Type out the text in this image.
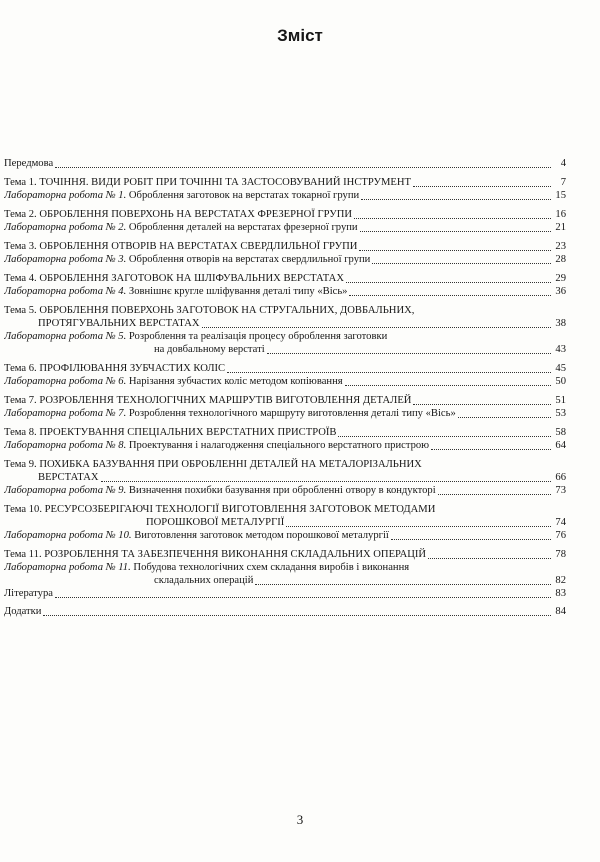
Зміст
Передмова	4
Тема 1. ТОЧІННЯ. ВИДИ РОБІТ ПРИ ТОЧІННІ ТА ЗАСТОСОВУВАНИЙ ІНСТРУМЕНТ	7
Лабораторна робота № 1. Оброблення заготовок на верстатах токарної групи	15
Тема 2. ОБРОБЛЕННЯ ПОВЕРХОНЬ НА ВЕРСТАТАХ ФРЕЗЕРНОЇ ГРУПИ	16
Лабораторна робота № 2. Оброблення деталей на верстатах фрезерної групи	21
Тема 3. ОБРОБЛЕННЯ ОТВОРІВ НА ВЕРСТАТАХ СВЕРДЛИЛЬНОЇ ГРУПИ	23
Лабораторна робота № 3. Оброблення отворів на верстатах свердлильної групи	28
Тема 4. ОБРОБЛЕННЯ ЗАГОТОВОК НА ШЛІФУВАЛЬНИХ ВЕРСТАТАХ	29
Лабораторна робота № 4. Зовнішнє кругле шліфування деталі типу «Вісь»	36
Тема 5. ОБРОБЛЕННЯ ПОВЕРХОНЬ ЗАГОТОВОК НА СТРУГАЛЬНИХ, ДОВБАЛЬНИХ,
ПРОТЯГУВАЛЬНИХ ВЕРСТАТАХ	38
Лабораторна робота № 5. Розроблення та реалізація процесу оброблення заготовки
на довбальному верстаті	43
Тема 6. ПРОФІЛЮВАННЯ ЗУБЧАСТИХ КОЛІС	45
Лабораторна робота № 6. Нарізання зубчастих коліс методом копіювання	50
Тема 7. РОЗРОБЛЕННЯ ТЕХНОЛОГІЧНИХ МАРШРУТІВ ВИГОТОВЛЕННЯ ДЕТАЛЕЙ	51
Лабораторна робота № 7. Розроблення технологічного маршруту виготовлення деталі типу «Вісь»	53
Тема 8. ПРОЕКТУВАННЯ СПЕЦІАЛЬНИХ ВЕРСТАТНИХ ПРИСТРОЇВ	58
Лабораторна робота № 8. Проектування і налагодження спеціального верстатного пристрою	64
Тема 9. ПОХИБКА БАЗУВАННЯ ПРИ ОБРОБЛЕННІ ДЕТАЛЕЙ НА МЕТАЛОРІЗАЛЬНИХ
ВЕРСТАТАХ	66
Лабораторна робота № 9. Визначення похибки базування при обробленні отвору в кондукторі	73
Тема 10. РЕСУРСОЗБЕРІГАЮЧІ ТЕХНОЛОГІЇ ВИГОТОВЛЕННЯ ЗАГОТОВОК МЕТОДАМИ
ПОРОШКОВОЇ МЕТАЛУРГІЇ	74
Лабораторна робота № 10. Виготовлення заготовок методом порошкової металургії	76
Тема 11. РОЗРОБЛЕННЯ ТА ЗАБЕЗПЕЧЕННЯ ВИКОНАННЯ СКЛАДАЛЬНИХ ОПЕРАЦІЙ	78
Лабораторна робота № 11. Побудова технологічних схем складання виробів і виконання
складальних операцій	82
Література	83
Додатки	84
3
